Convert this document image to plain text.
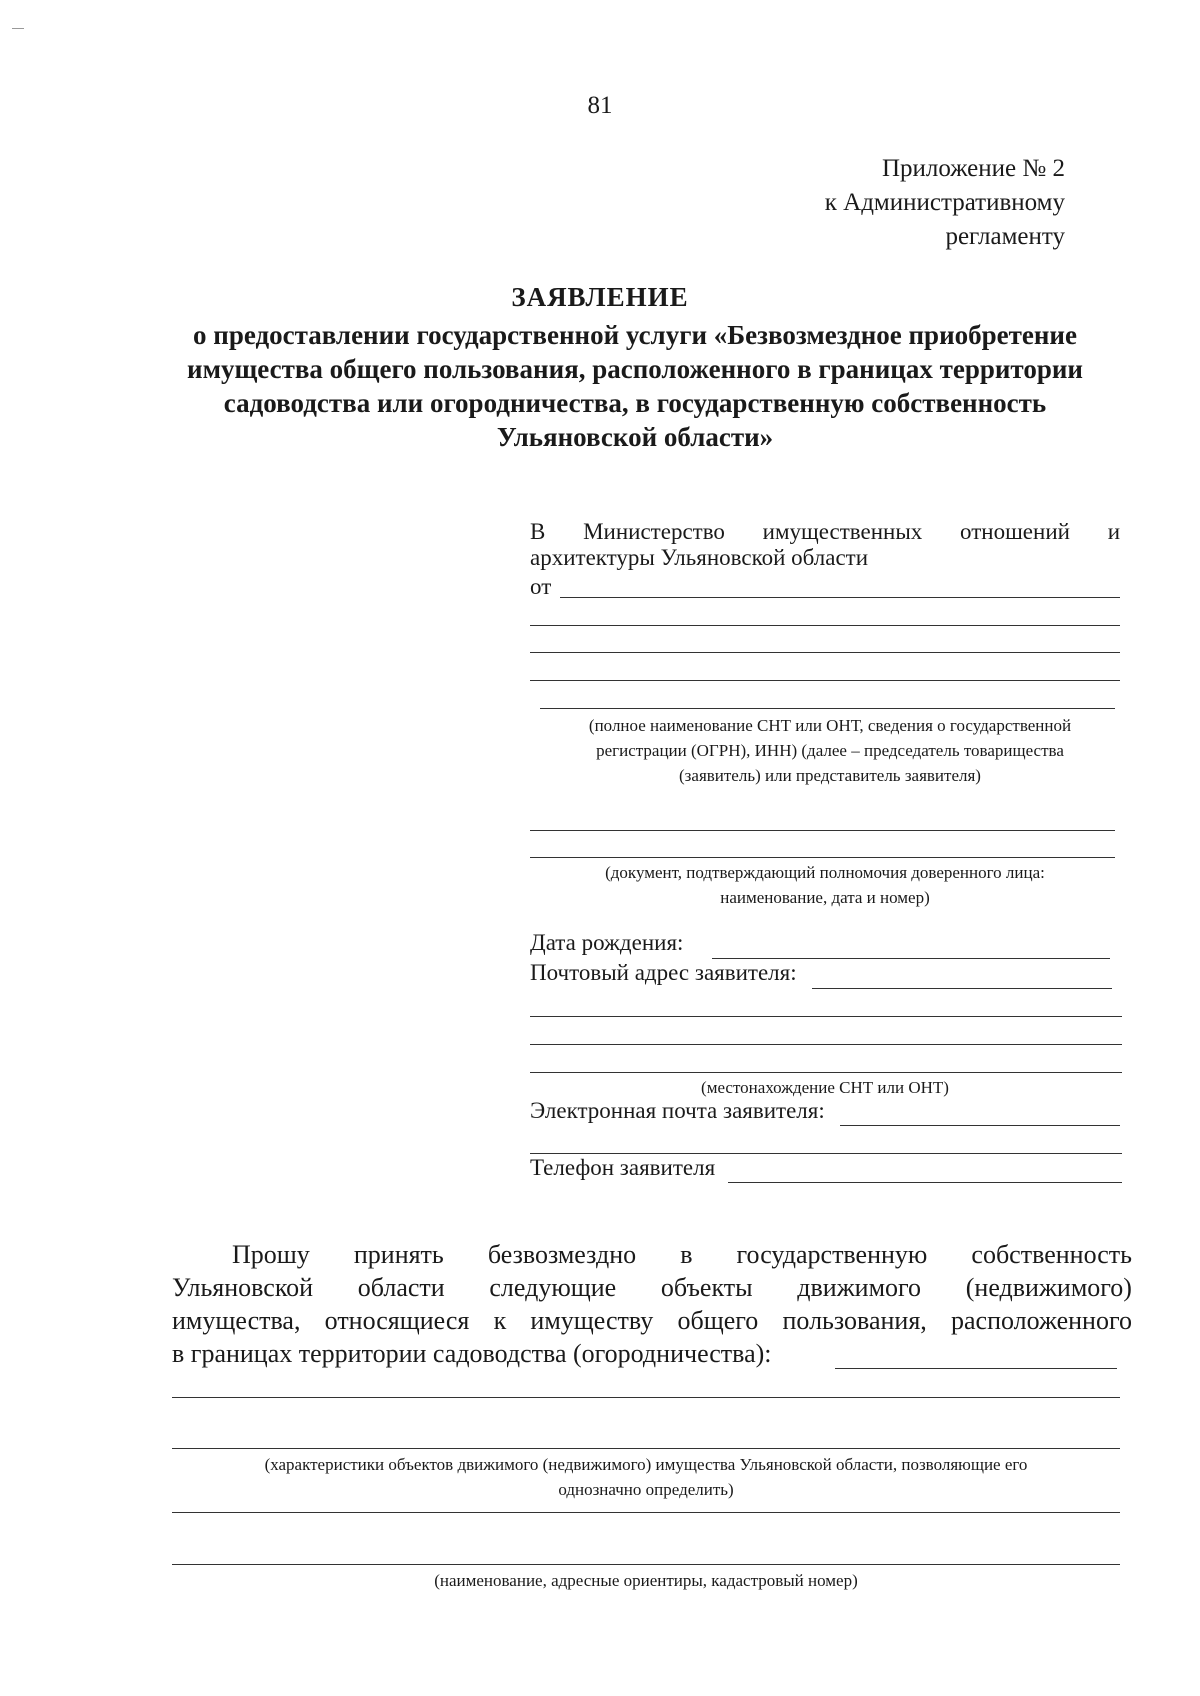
81
Приложение № 2
к Административному
регламенту
ЗАЯВЛЕНИЕ
о предоставлении государственной услуги «Безвозмездное приобретение
имущества общего пользования, расположенного в границах территории
садоводства или огородничества, в государственную собственность
Ульяновской области»
В Министерство имущественных отношений и
архитектуры Ульяновской области
от
(полное наименование СНТ или ОНТ, сведения о государственной
регистрации (ОГРН), ИНН) (далее – председатель товарищества
(заявитель) или представитель заявителя)
(документ, подтверждающий полномочия доверенного лица:
наименование, дата и номер)
Дата рождения:
Почтовый адрес заявителя:
(местонахождение СНТ или ОНТ)
Электронная почта заявителя:
Телефон заявителя
Прошу принять безвозмездно в государственную собственность
Ульяновской области следующие объекты движимого (недвижимого)
имущества, относящиеся к имуществу общего пользования, расположенного
в границах территории садоводства (огородничества):
(характеристики объектов движимого (недвижимого) имущества Ульяновской области, позволяющие его
однозначно определить)
(наименование, адресные ориентиры, кадастровый номер)
